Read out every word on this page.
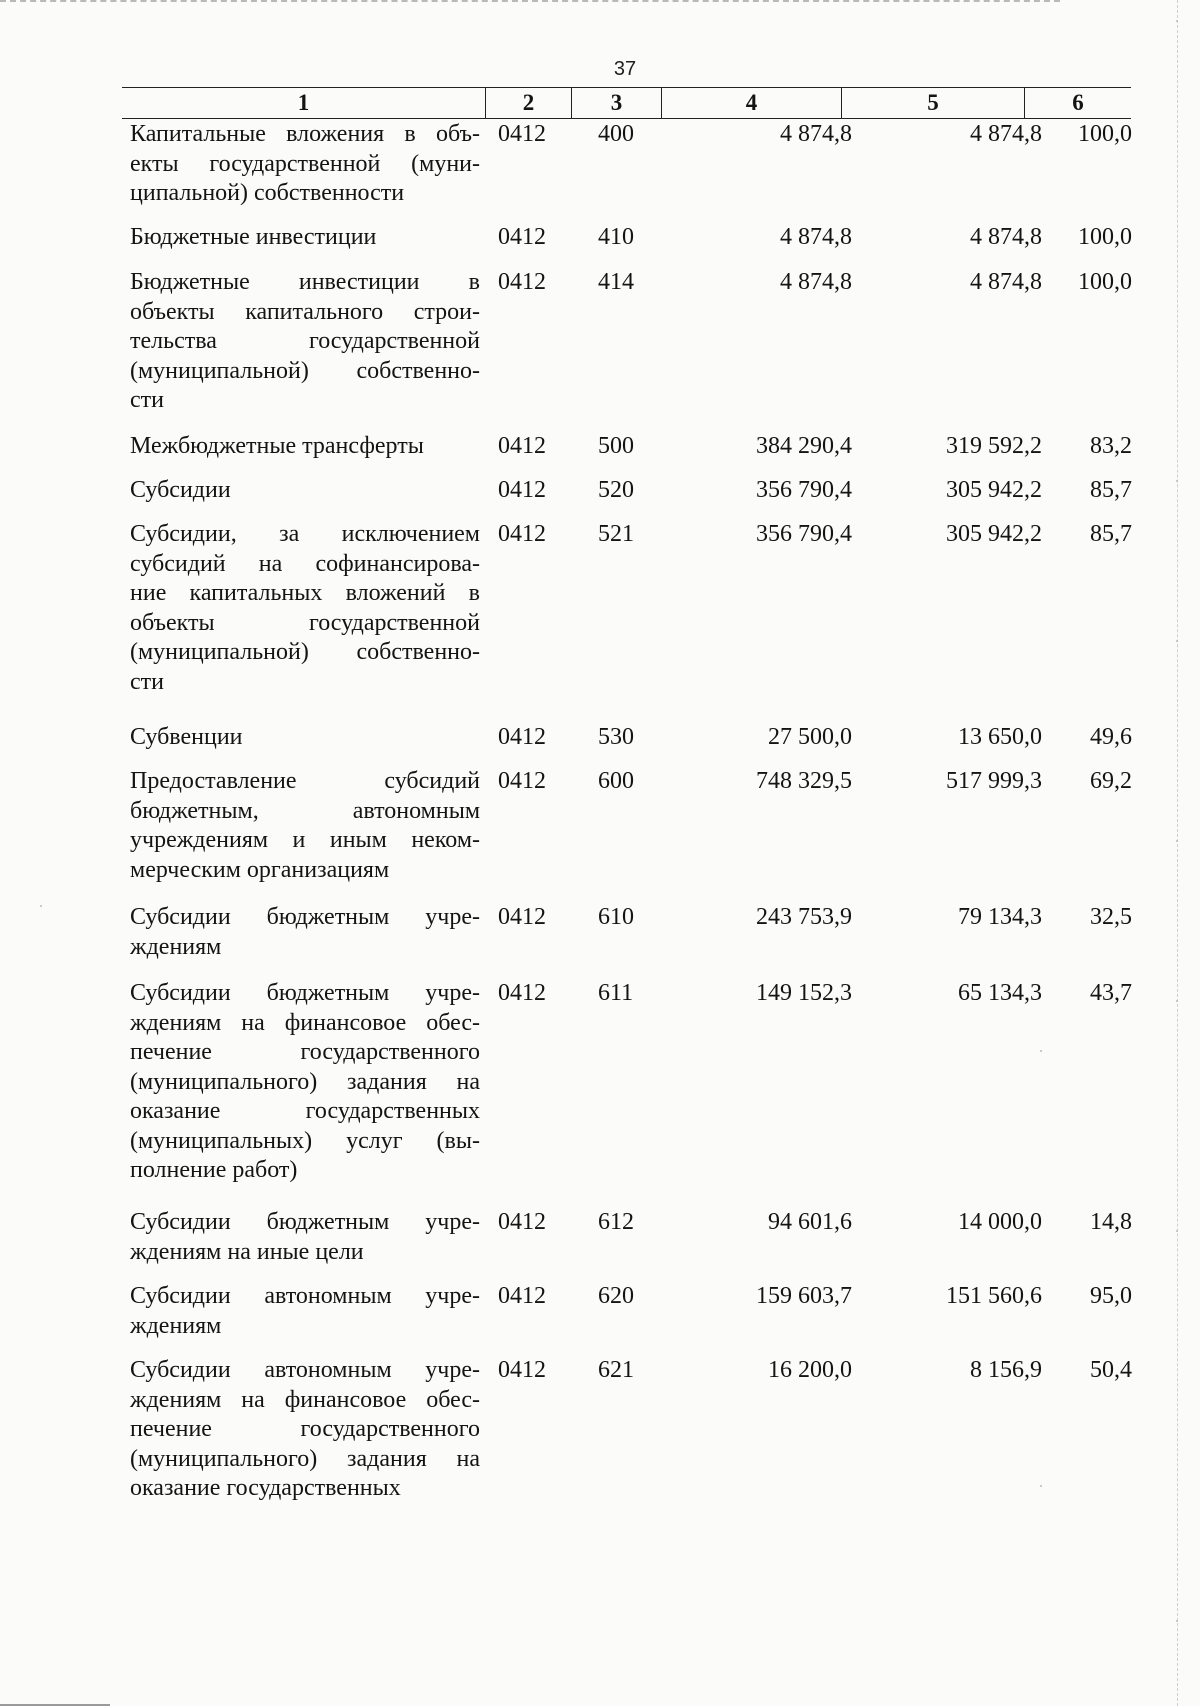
37
1	2	3	4	5	6
Капитальные вложения в объ-
екты государственной (муни-
ципальной) собственности
0412	400	4 874,8	4 874,8	100,0
Бюджетные инвестиции	0412	410	4 874,8	4 874,8	100,0
Бюджетные инвестиции в
объекты капитального строи-
тельства государственной
(муниципальной) собственно-
сти
0412	414	4 874,8	4 874,8	100,0
Межбюджетные трансферты	0412	500	384 290,4	319 592,2	83,2
Субсидии	0412	520	356 790,4	305 942,2	85,7
Субсидии, за исключением
субсидий на софинансирова-
ние капитальных вложений в
объекты государственной
(муниципальной) собственно-
сти
0412	521	356 790,4	305 942,2	85,7
Субвенции	0412	530	27 500,0	13 650,0	49,6
Предоставление субсидий
бюджетным, автономным
учреждениям и иным неком-
мерческим организациям
0412	600	748 329,5	517 999,3	69,2
Субсидии бюджетным учре-
ждениям
0412	610	243 753,9	79 134,3	32,5
Субсидии бюджетным учре-
ждениям на финансовое обес-
печение государственного
(муниципального) задания на
оказание государственных
(муниципальных) услуг (вы-
полнение работ)
0412	611	149 152,3	65 134,3	43,7
Субсидии бюджетным учре-
ждениям на иные цели
0412	612	94 601,6	14 000,0	14,8
Субсидии автономным учре-
ждениям
0412	620	159 603,7	151 560,6	95,0
Субсидии автономным учре-
ждениям на финансовое обес-
печение государственного
(муниципального) задания на
оказание государственных
0412	621	16 200,0	8 156,9	50,4
